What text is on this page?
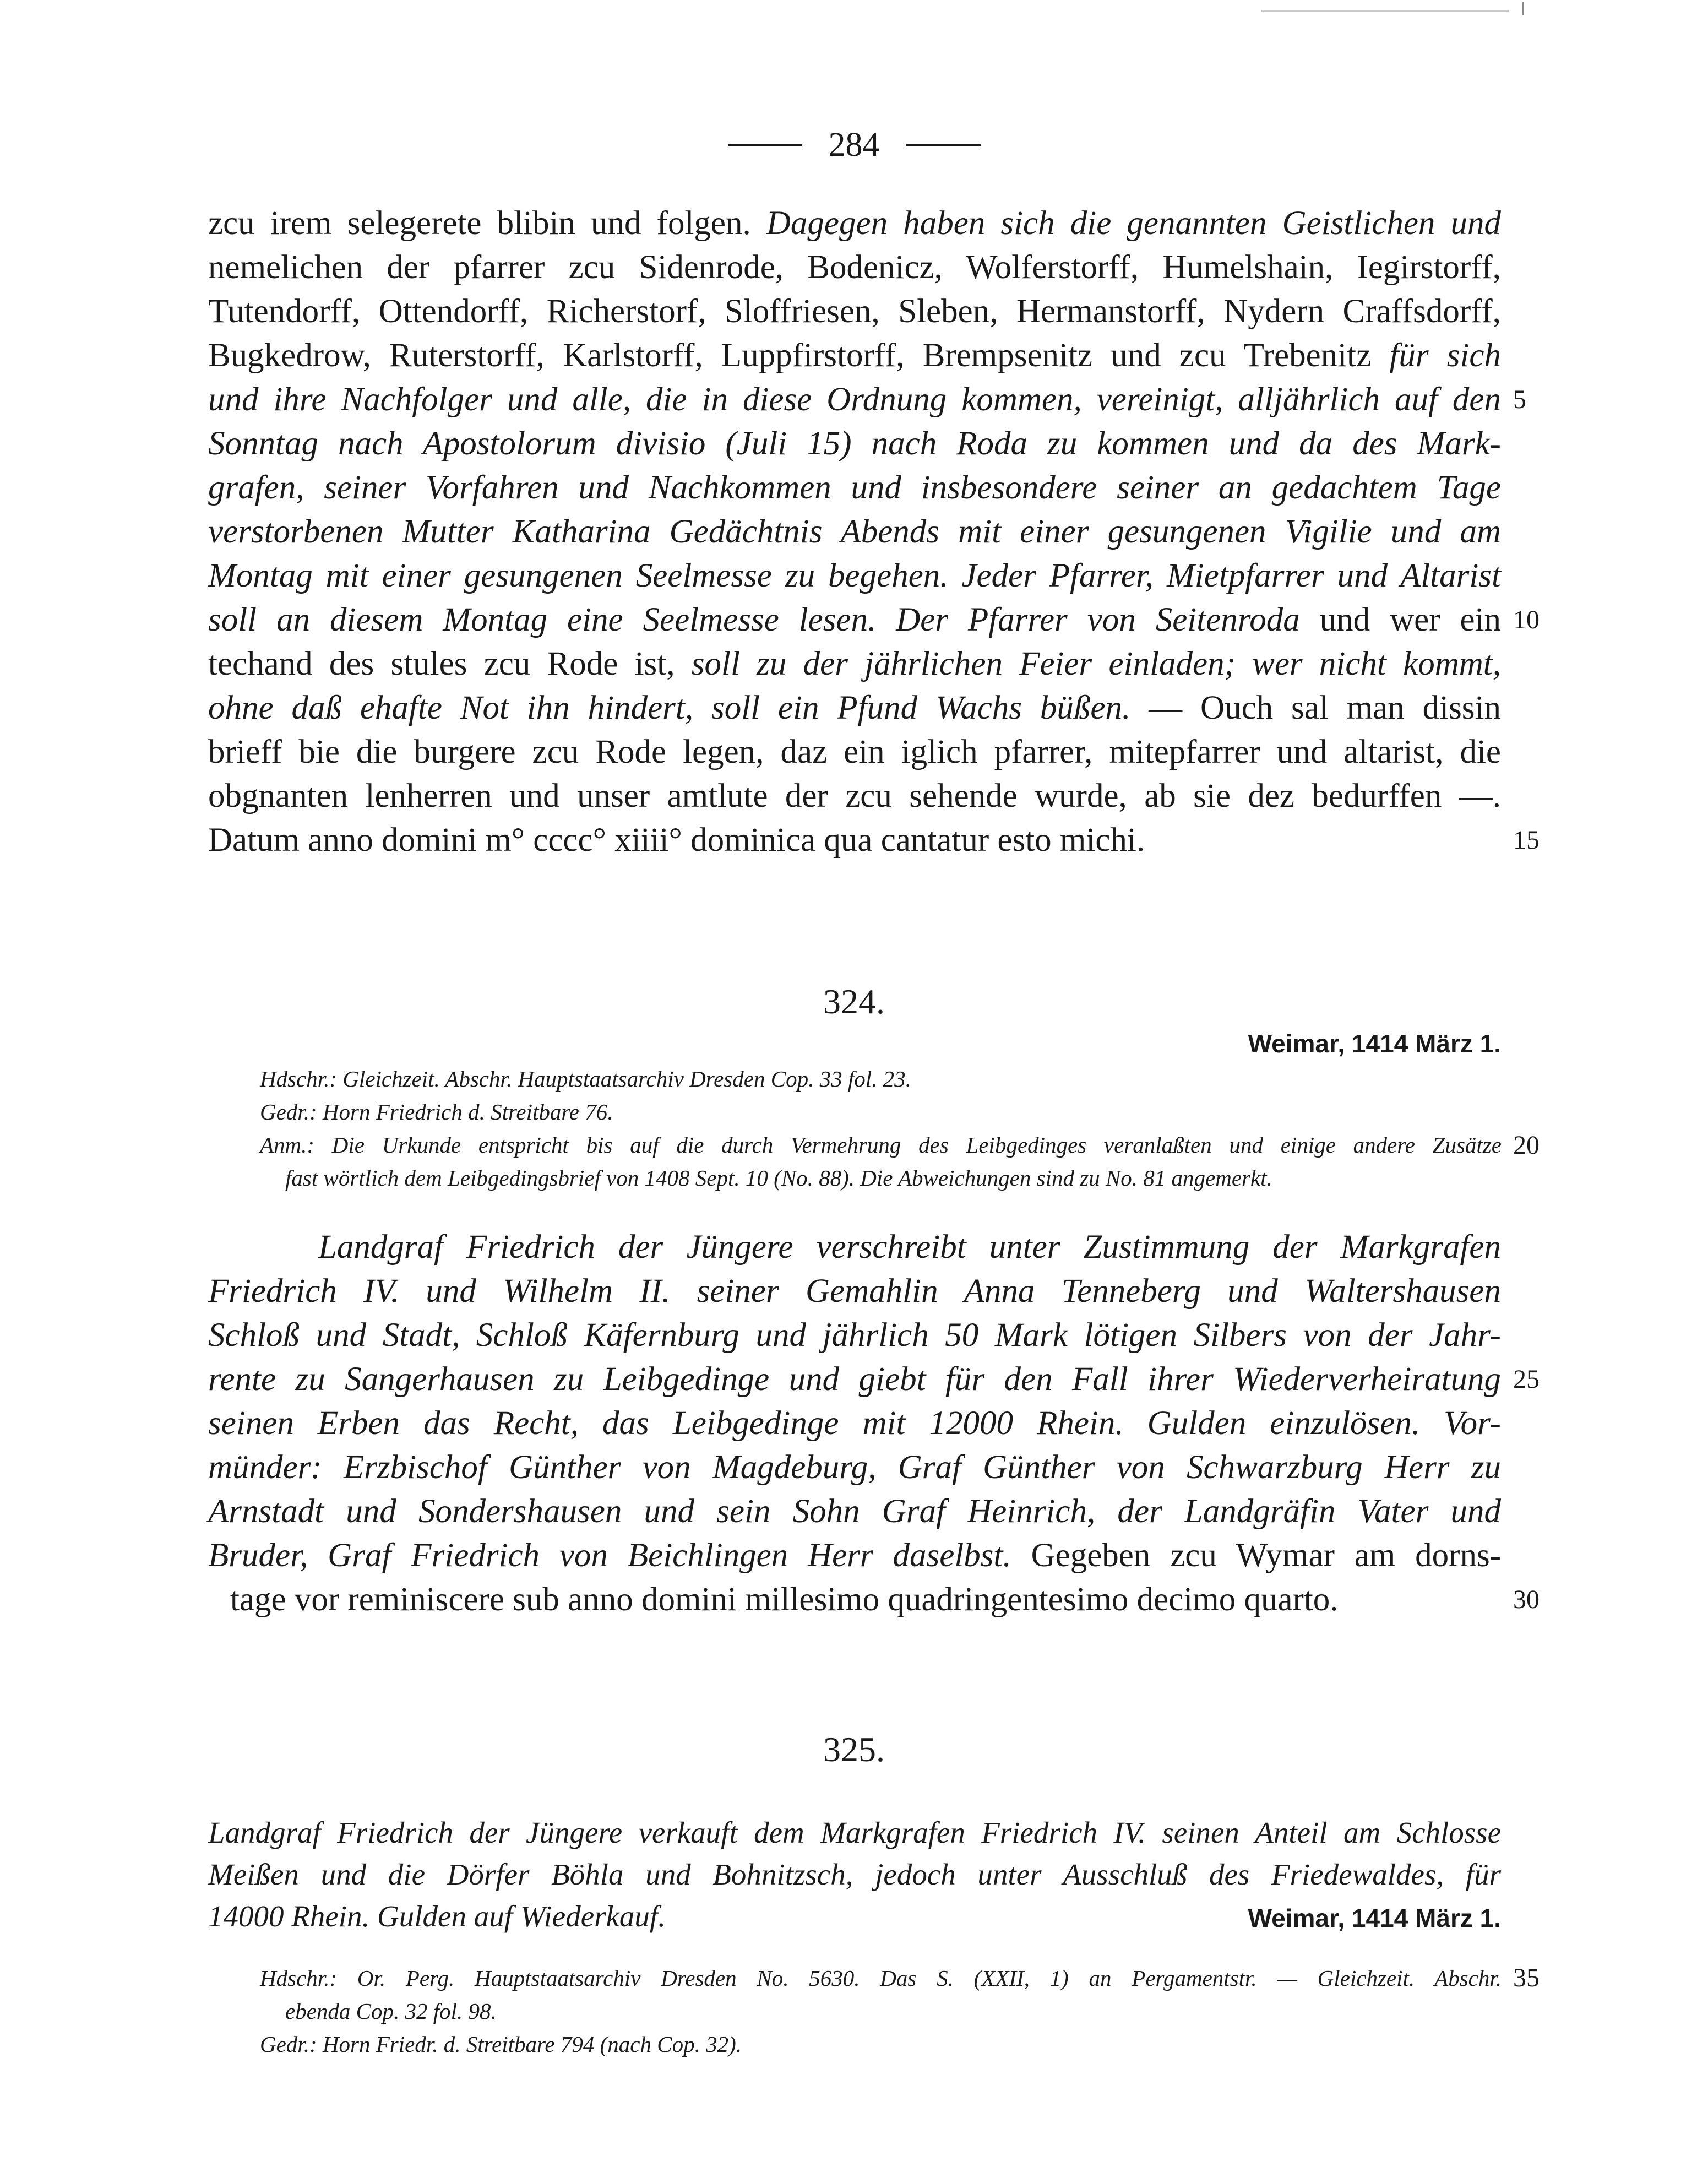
284
zcu irem selegerete blibin und folgen. Dagegen haben sich die genannten Geistlichen und
nemelichen der pfarrer zcu Sidenrode, Bodenicz, Wolferstorff, Humelshain, Iegirstorff,
Tutendorff, Ottendorff, Richerstorf, Sloffriesen, Sleben, Hermanstorff, Nydern Craffsdorff,
Bugkedrow, Ruterstorff, Karlstorff, Luppfirstorff, Brempsenitz und zcu Trebenitz für sich
und ihre Nachfolger und alle, die in diese Ordnung kommen, vereinigt, alljährlich auf den
Sonntag nach Apostolorum divisio (Juli 15) nach Roda zu kommen und da des Mark-
grafen, seiner Vorfahren und Nachkommen und insbesondere seiner an gedachtem Tage
verstorbenen Mutter Katharina Gedächtnis Abends mit einer gesungenen Vigilie und am
Montag mit einer gesungenen Seelmesse zu begehen. Jeder Pfarrer, Mietpfarrer und Altarist
soll an diesem Montag eine Seelmesse lesen. Der Pfarrer von Seitenroda und wer ein
techand des stules zcu Rode ist, soll zu der jährlichen Feier einladen; wer nicht kommt,
ohne daß ehafte Not ihn hindert, soll ein Pfund Wachs büßen. — Ouch sal man dissin
brieff bie die burgere zcu Rode legen, daz ein iglich pfarrer, mitepfarrer und altarist, die
obgnanten lenherren und unser amtlute der zcu sehende wurde, ab sie dez bedurffen —.
Datum anno domini m° cccc° xiiii° dominica qua cantatur esto michi.
5
10
15
324.
Weimar, 1414 März 1.
Hdschr.: Gleichzeit. Abschr. Hauptstaatsarchiv Dresden Cop. 33 fol. 23.
Gedr.: Horn Friedrich d. Streitbare 76.
Anm.: Die Urkunde entspricht bis auf die durch Vermehrung des Leibgedinges veranlaßten und einige andere Zusätze
fast wörtlich dem Leibgedingsbrief von 1408 Sept. 10 (No. 88). Die Abweichungen sind zu No. 81 angemerkt.
20
Landgraf Friedrich der Jüngere verschreibt unter Zustimmung der Markgrafen
Friedrich IV. und Wilhelm II. seiner Gemahlin Anna Tenneberg und Waltershausen
Schloß und Stadt, Schloß Käfernburg und jährlich 50 Mark lötigen Silbers von der Jahr-
rente zu Sangerhausen zu Leibgedinge und giebt für den Fall ihrer Wiederverheiratung
seinen Erben das Recht, das Leibgedinge mit 12000 Rhein. Gulden einzulösen. Vor-
münder: Erzbischof Günther von Magdeburg, Graf Günther von Schwarzburg Herr zu
Arnstadt und Sondershausen und sein Sohn Graf Heinrich, der Landgräfin Vater und
Bruder, Graf Friedrich von Beichlingen Herr daselbst. Gegeben zcu Wymar am dorns-
tage vor reminiscere sub anno domini millesimo quadringentesimo decimo quarto.
25
30
325.
Landgraf Friedrich der Jüngere verkauft dem Markgrafen Friedrich IV. seinen Anteil am Schlosse
Meißen und die Dörfer Böhla und Bohnitzsch, jedoch unter Ausschluß des Friedewaldes, für
14000 Rhein. Gulden auf Wiederkauf.	Weimar, 1414 März 1.
Hdschr.: Or. Perg. Hauptstaatsarchiv Dresden No. 5630. Das S. (XXII, 1) an Pergamentstr. — Gleichzeit. Abschr.
ebenda Cop. 32 fol. 98.
Gedr.: Horn Friedr. d. Streitbare 794 (nach Cop. 32).
35
